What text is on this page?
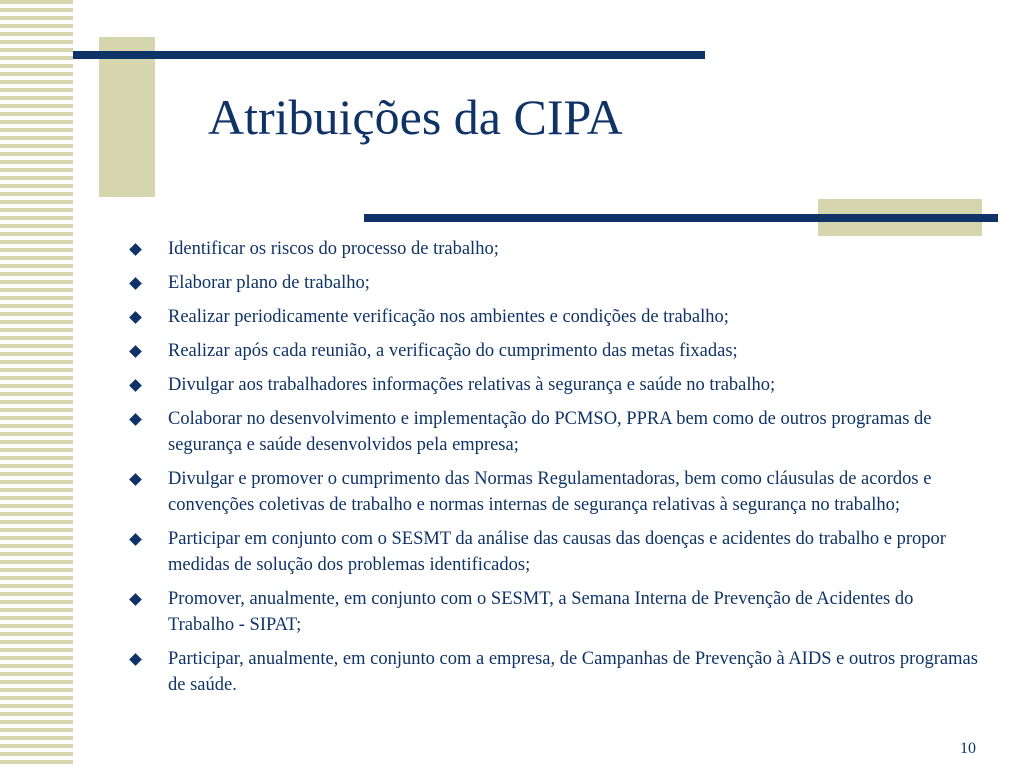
Atribuições da CIPA
Identificar os riscos do processo de trabalho;
Elaborar plano de trabalho;
Realizar periodicamente verificação nos ambientes e condições de trabalho;
Realizar após cada reunião, a verificação do cumprimento das metas fixadas;
Divulgar aos trabalhadores informações relativas à segurança e saúde no trabalho;
Colaborar no desenvolvimento e implementação do PCMSO, PPRA bem como de outros programas de segurança e saúde desenvolvidos pela empresa;
Divulgar e promover o cumprimento das Normas Regulamentadoras, bem como cláusulas de acordos e convenções coletivas de trabalho e normas internas de segurança relativas à segurança no trabalho;
Participar em conjunto com o SESMT da análise das causas das doenças e acidentes do trabalho e propor medidas de solução dos problemas identificados;
Promover, anualmente, em conjunto com o SESMT, a Semana Interna de Prevenção de Acidentes do Trabalho - SIPAT;
Participar, anualmente, em conjunto com a empresa, de Campanhas de Prevenção à AIDS e outros programas de saúde.
10
